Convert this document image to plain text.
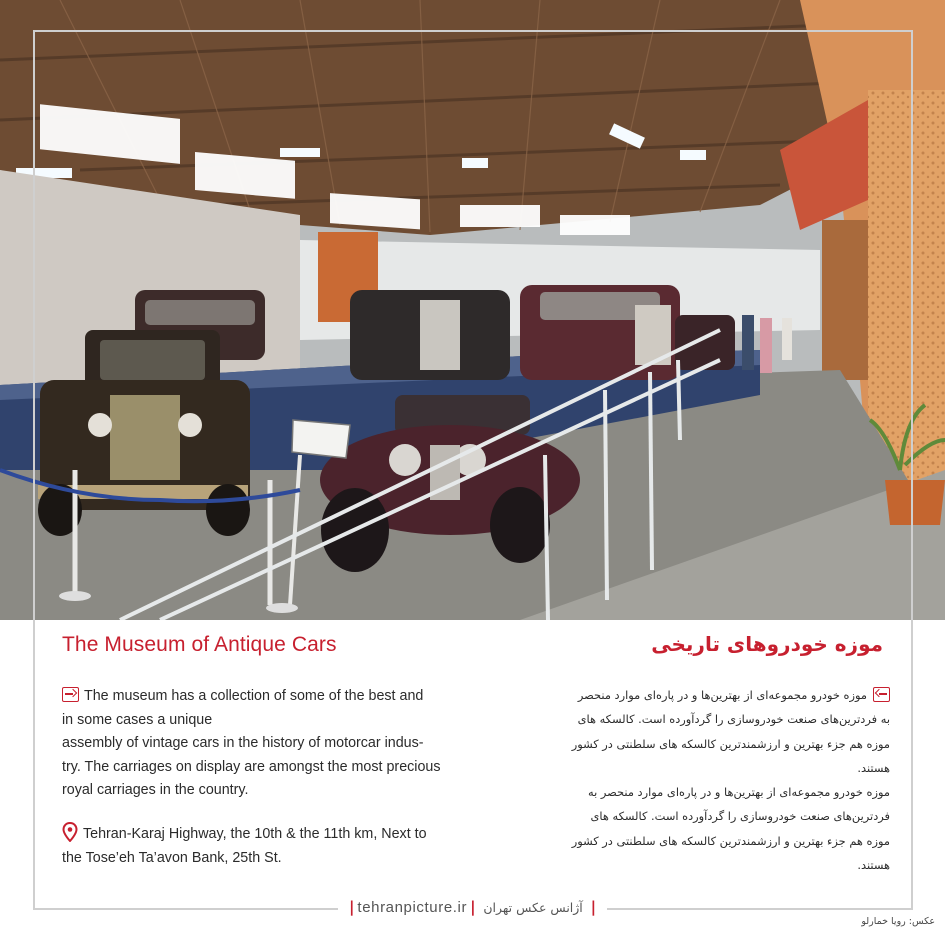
The Museum of Antique Cars	موزه خودروهای تاریخی
The museum has a collection of some of the best and
in some cases a unique
assembly of vintage cars in the history of motorcar indus-
try. The carriages on display are amongst the most precious
royal carriages in the country.
Tehran-Karaj Highway, the 10th & the 11th km, Next to
the Tose’eh Ta’avon Bank, 25th St.
موزه خودرو مجموعه‌ای از بهترین‌ها و در پاره‌ای موارد منحصر
به فردترین‌های صنعت خودروسازی را گردآورده است. کالسکه های
موزه هم جزء بهترین و ارزشمندترین کالسکه های سلطنتی در کشور
هستند.
موزه خودرو مجموعه‌ای از بهترین‌ها و در پاره‌ای موارد منحصر به
فردترین‌های صنعت خودروسازی را گردآورده است. کالسکه های
موزه هم جزء بهترین و ارزشمندترین کالسکه های سلطنتی در کشور
هستند.
| tehranpicture.ir | آژانس عکس تهران |
عکس: رویا خمارلو
